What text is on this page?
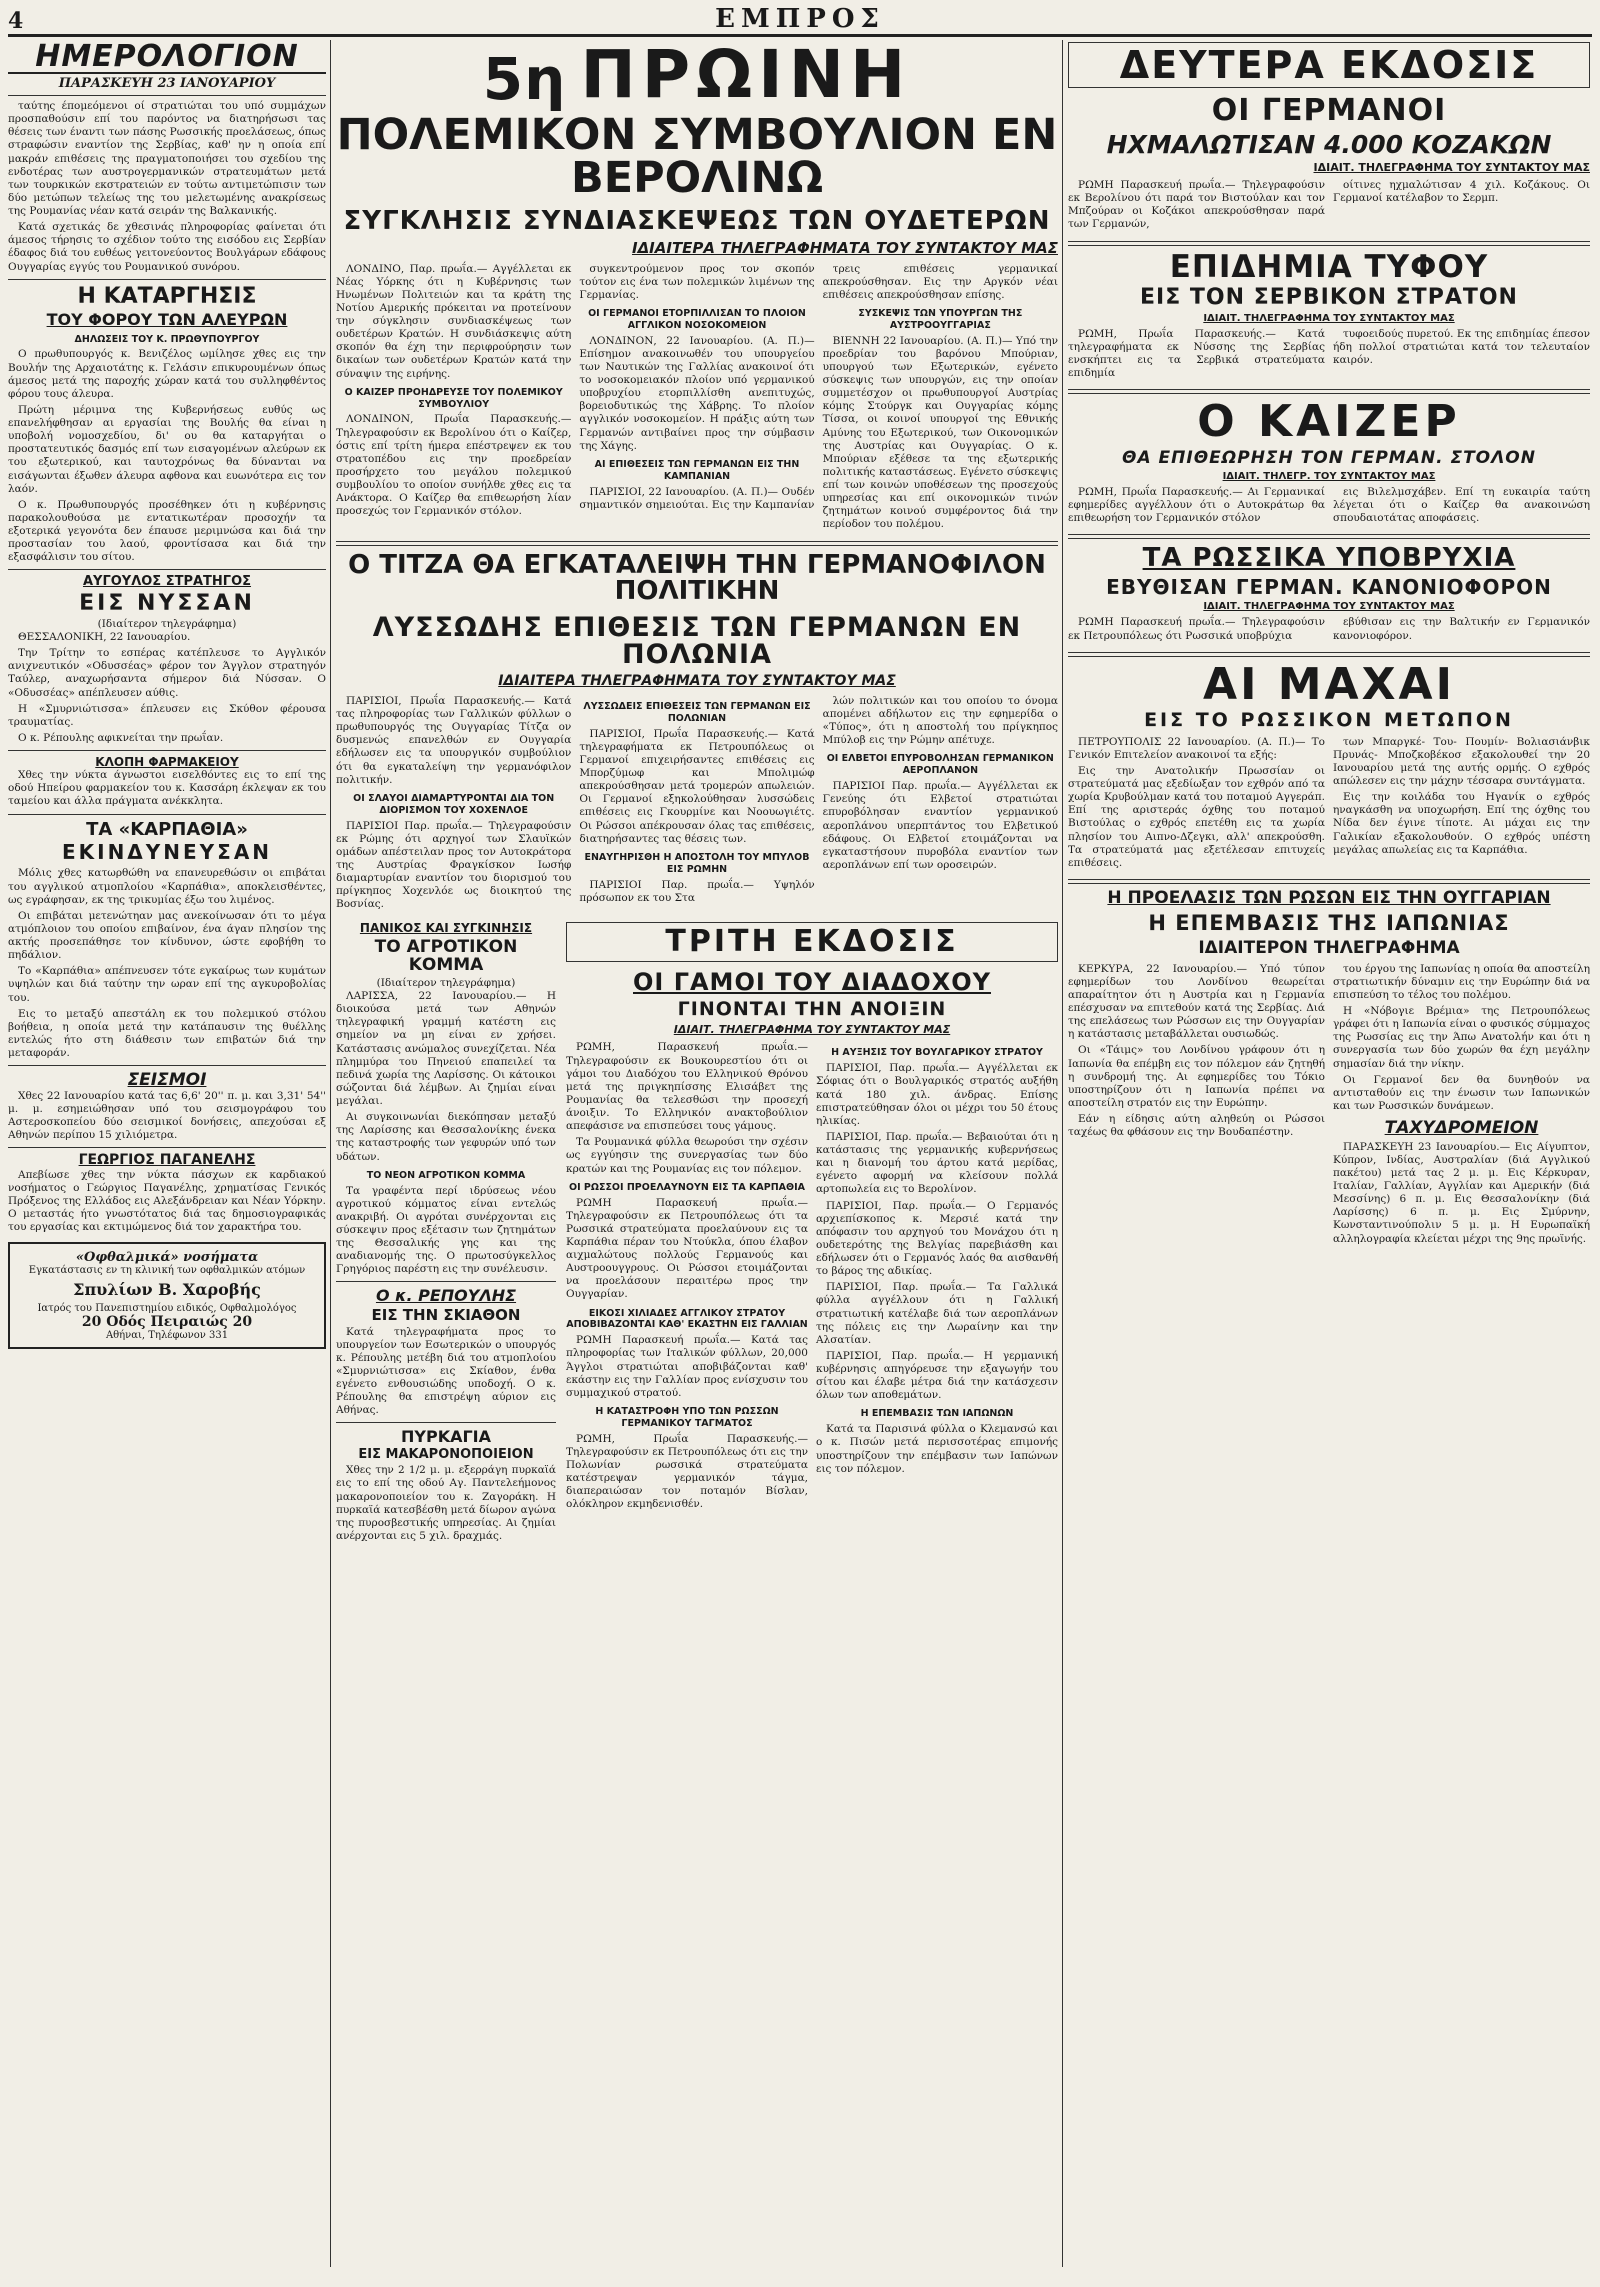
4	ΕΜΠΡΟΣ
ΗΜΕΡΟΛΟΓΙΟΝ
ΠΑΡΑΣΚΕΥΗ 23 ΙΑΝΟΥΑΡΙΟΥ

ταύτης έπομεόμενοι οί στρατιώται του υπό συμμάχων προσπαθούσιν επί του παρόντος να διατηρήσωσι τας θέσεις των έναντι των πάσης Ρωσσικής προελάσεως, όπως στραφώσιν εναντίον της Σερβίας, καθ' ην η οποία επί μακράν επιθέσεις της πραγματοποιήσει του σχεδίου της ενδοτέρας των αυστρογερμανικών στρατευμάτων μετά των τουρκικών εκστρατειών εν τούτω αντιμετώπισιν των δύο μετώπων τελείως της του μελετωμένης ανακρίσεως της Ρουμανίας νέαν κατά σειράν της Βαλκανικής.

Κατά σχετικάς δε χθεσινάς πληροφορίας φαίνεται ότι άμεσος τήρησις το σχέδιον τούτο της εισόδου εις Σερβίαν έδαφος διά του ευθέως γειτονεύοντος Βουλγάρων εδάφους Ουγγαρίας εγγύς του Ρουμανικού συνόρου.

Η ΚΑΤΑΡΓΗΣΙΣ
ΤΟΥ ΦΟΡΟΥ ΤΩΝ ΑΛΕΥΡΩΝ
ΔΗΛΩΣΕΙΣ ΤΟΥ Κ. ΠΡΩΘΥΠΟΥΡΓΟΥ

Ο πρωθυπουργός κ. Βενιζέλος ωμίλησε χθες εις την Βουλήν της Αρχαιοτάτης κ. Γελάσιν επικυρουμένων όπως άμεσος μετά της παροχής χώραν κατά του συλληφθέντος φόρου τους άλευρα.

Πρώτη μέριμνα της Κυβερνήσεως ευθύς ως επανελήφθησαν αι εργασίαι της Βουλής θα είναι η υποβολή νομοσχεδίου, δι' ου θα καταργήται ο προστατευτικός δασμός επί των εισαγομένων αλεύρων εκ του εξωτερικού, και ταυτοχρόνως θα δύνανται να εισάγωνται έξωθεν άλευρα αφθονα και ευωνότερα εις τον λαόν.

Ο κ. Πρωθυπουργός προσέθηκεν ότι η κυβέρνησις παρακολουθούσα με εντατικωτέραν προσοχήν τα εξοτερικά γεγονότα δεν έπαυσε μεριμνώσα και διά την προστασίαν του λαού, φροντίσασα και διά την εξασφάλισιν του σίτου.

ΑΥΓΟΥΛΟΣ ΣΤΡΑΤΗΓΟΣ
ΕΙΣ ΝΥΣΣΑΝ
(Ιδιαίτερον τηλεγράφημα)

ΘΕΣΣΑΛΟΝΙΚΗ, 22 Ιανουαρίου.

Την Τρίτην το εσπέρας κατέπλευσε το Αγγλικόν ανιχνευτικόν «Οδυσσέας» φέρον τον Άγγλον στρατηγόν Ταύλερ, αναχωρήσαντα σήμερον διά Νύσσαν. Ο «Οδυσσέας» απέπλευσεν αύθις.

Η «Σμυρνιώτισσα» έπλευσεν εις Σκύθον φέρουσα τραυματίας.

Ο κ. Ρέπουλης αφικνείται την πρωΐαν.

ΚΛΟΠΗ ΦΑΡΜΑΚΕΙΟΥ

Χθες την νύκτα άγνωστοι εισελθόντες εις το επί της οδού Ηπείρου φαρμακείον του κ. Κασσάρη έκλεψαν εκ του ταμείου και άλλα πράγματα ανέκκλητα.

ΤΑ «ΚΑΡΠΑΘΙΑ»
ΕΚΙΝΔΥΝΕΥΣΑΝ

Μόλις χθες κατωρθώθη να επανευρεθώσιν οι επιβάται του αγγλικού ατμοπλοίου «Καρπάθια», αποκλεισθέντες, ως εγράφησαν, εκ της τρικυμίας έξω του λιμένος.

Οι επιβάται μετενώτηαν μας ανεκοίνωσαν ότι το μέγα ατμόπλοιον του οποίου επιβαίνον, ένα άγαν πλησίον της ακτής προσεπάθησε τον κίνδυνον, ώστε εφοβήθη το πηδάλιον.

Το «Καρπάθια» απέπνευσεν τότε εγκαίρως των κυμάτων υψηλών και διά ταύτην την ωραν επί της αγκυροβολίας του.

Εις το μεταξύ απεστάλη εκ του πολεμικού στόλου βοήθεια, η οποία μετά την κατάπαυσιν της θυέλλης εντελώς ήτο στη διάθεσιν των επιβατών διά την μεταφοράν.

ΣΕΙΣΜΟΙ

Χθες 22 Ιανουαρίου κατά τας 6,6' 20'' π. μ. και 3,31' 54'' μ. μ. εσημειώθησαν υπό του σεισμογράφου του Αστεροσκοπείου δύο σεισμικοί δονήσεις, απεχούσαι εξ Αθηνών περίπου 15 χιλιόμετρα.

ΓΕΩΡΓΙΟΣ ΠΑΓΑΝΕΛΗΣ

Απεβίωσε χθες την νύκτα πάσχων εκ καρδιακού νοσήματος ο Γεώργιος Παγανέλης, χρηματίσας Γενικός Πρόξενος της Ελλάδος εις Αλεξάνδρειαν και Νέαν Υόρκην. Ο μεταστάς ήτο γνωστότατος διά τας δημοσιογραφικάς του εργασίας και εκτιμώμενος διά τον χαρακτήρα του.

«Οφθαλμικά» νοσήματα
Εγκατάστασις εν τη κλινική των οφθαλμικών ατόμων
Σπυλίων Β. Χαροβής
Ιατρός του Πανεπιστημίου ειδικός, Οφθαλμολόγος
20 Οδός Πειραιώς 20
Αθήναι, Τηλέφωνον 331
5η ΠΡΩΙΝΗ
ΠΟΛΕΜΙΚΟΝ ΣΥΜΒΟΥΛΙΟΝ ΕΝ ΒΕΡΟΛΙΝΩ
ΣΥΓΚΛΗΣΙΣ ΣΥΝΔΙΑΣΚΕΨΕΩΣ ΤΩΝ ΟΥΔΕΤΕΡΩΝ
ΙΔΙΑΙΤΕΡΑ ΤΗΛΕΓΡΑΦΗΜΑΤΑ ΤΟΥ ΣΥΝΤΑΚΤΟΥ ΜΑΣ

ΛΟΝΔΙΝΟ, Παρ. πρωΐα.— Αγγέλλεται εκ Νέας Υόρκης ότι η Κυβέρνησις των Ηνωμένων Πολιτειών και τα κράτη της Νοτίου Αμερικής πρόκειται να προτείνουν την σύγκλησιν συνδιασκέψεως των ουδετέρων Κρατών. Η συνδιάσκεψις αύτη σκοπόν θα έχη την περιφρούρησιν των δικαίων των ουδετέρων Κρατών κατά την σύναψιν της ειρήνης.

Ο ΚΑΙΖΕΡ ΠΡΟΗΔΡΕΥΣΕ ΤΟΥ ΠΟΛΕΜΙΚΟΥ ΣΥΜΒΟΥΛΙΟΥ

ΛΟΝΔΙΝΟΝ, Πρωΐα Παρασκευής.— Τηλεγραφούσιν εκ Βερολίνου ότι ο Καίζερ, όστις επί τρίτη ήμερα επέστρεψεν εκ του στρατοπέδου εις την προεδρείαν προσήρχετο του μεγάλου πολεμικού συμβουλίου το οποίον συνήλθε χθες εις τα Ανάκτορα. Ο Καίζερ θα επιθεωρήση λίαν προσεχώς τον Γερμανικόν στόλον.

συγκεντρούμενον προς τον σκοπόν τούτον εις ένα των πολεμικών λιμένων της Γερμανίας.

ΟΙ ΓΕΡΜΑΝΟΙ ΕΤΟΡΠΙΛΛΙΣΑΝ ΤΟ ΠΛΟΙΟΝ ΑΓΓΛΙΚΟΝ ΝΟΣΟΚΟΜΕΙΟΝ

ΛΟΝΔΙΝΟΝ, 22 Ιανουαρίου. (Α. Π.)— Επίσημον ανακοινωθέν του υπουργείου των Ναυτικών της Γαλλίας ανακοινοί ότι το νοσοκομειακόν πλοίον υπό γερμανικού υποβρυχίου ετορπιλλίσθη ανεπιτυχώς, βορειοδυτικώς της Χάβρης. Το πλοίον αγγλικόν νοσοκομείον. Η πράξις αύτη των Γερμανών αντιβαίνει προς την σύμβασιν της Χάγης.

ΑΙ ΕΠΙΘΕΣΕΙΣ ΤΩΝ ΓΕΡΜΑΝΩΝ ΕΙΣ ΤΗΝ ΚΑΜΠΑΝΙΑΝ

ΠΑΡΙΣΙΟΙ, 22 Ιανουαρίου. (Α. Π.)— Ουδέν σημαντικόν σημειούται. Εις την Καμπανίαν

τρεις επιθέσεις γερμανικαί απεκρούσθησαν. Εις την Αργκόν νέαι επιθέσεις απεκρούσθησαν επίσης.

ΣΥΣΚΕΨΙΣ ΤΩΝ ΥΠΟΥΡΓΩΝ ΤΗΣ ΑΥΣΤΡΟΟΥΓΓΑΡΙΑΣ

ΒΙΕΝΝΗ 22 Ιανουαρίου. (Α. Π.)— Υπό την προεδρίαν του βαρόνου Μπούριαν, υπουργού των Εξωτερικών, εγένετο σύσκεψις των υπουργών, εις την οποίαν συμμετέσχον οι πρωθυπουργοί Αυστρίας κόμης Στούργκ και Ουγγαρίας κόμης Τίσσα, οι κοινοί υπουργοί της Εθνικής Αμύνης του Εξωτερικού, των Οικονομικών της Αυστρίας και Ουγγαρίας. Ο κ. Μπούριαν εξέθεσε τα της εξωτερικής πολιτικής καταστάσεως. Εγένετο σύσκεψις επί των κοινών υποθέσεων της προσεχούς υπηρεσίας και επί οικονομικών τινών ζητημάτων κοινού συμφέροντος διά την περίοδον του πολέμου.

Ο ΤΙΤΖΑ ΘΑ ΕΓΚΑΤΑΛΕΙΨΗ ΤΗΝ ΓΕΡΜΑΝΟΦΙΛΟΝ ΠΟΛΙΤΙΚΗΝ
ΛΥΣΣΩΔΗΣ ΕΠΙΘΕΣΙΣ ΤΩΝ ΓΕΡΜΑΝΩΝ ΕΝ ΠΟΛΩΝΙΑ
ΙΔΙΑΙΤΕΡΑ ΤΗΛΕΓΡΑΦΗΜΑΤΑ ΤΟΥ ΣΥΝΤΑΚΤΟΥ ΜΑΣ

ΠΑΡΙΣΙΟΙ, Πρωΐα Παρασκευής.— Κατά τας πληροφορίας των Γαλλικών φύλλων ο πρωθυπουργός της Ουγγαρίας Τίτζα ον δυσμενώς επανελθών εν Ουγγαρία εδήλωσεν εις τα υπουργικόν συμβούλιον ότι θα εγκαταλείψη την γερμανόφιλον πολιτικήν.

ΟΙ ΣΛΑΥΟΙ ΔΙΑΜΑΡΤΥΡΟΝΤΑΙ ΔΙΑ ΤΟΝ ΔΙΟΡΙΣΜΟΝ ΤΟΥ ΧΟΧΕΝΛΟΕ

ΠΑΡΙΣΙΟΙ Παρ. πρωΐα.— Τηλεγραφούσιν εκ Ρώμης ότι αρχηγοί των Σλαυϊκών ομάδων απέστειλαν προς τον Αυτοκράτορα της Αυστρίας Φραγκίσκον Ιωσήφ διαμαρτυρίαν εναντίον του διορισμού του πρίγκηπος Χοχενλόε ως διοικητού της Βοσνίας.

ΛΥΣΣΩΔΕΙΣ ΕΠΙΘΕΣΕΙΣ ΤΩΝ ΓΕΡΜΑΝΩΝ ΕΙΣ ΠΟΛΩΝΙΑΝ

ΠΑΡΙΣΙΟΙ, Πρωΐα Παρασκευής.— Κατά τηλεγραφήματα εκ Πετρουπόλεως οι Γερμανοί επιχειρήσαντες επιθέσεις εις Μπορζύμωφ και Μπολιμώφ απεκρούσθησαν μετά τρομερών απωλειών. Οι Γερμανοί εξηκολούθησαν λυσσώδεις επιθέσεις εις Γκουρμίνε και Νοουωγιέτς. Οι Ρώσσοι απέκρουσαν όλας τας επιθέσεις, διατηρήσαντες τας θέσεις των.

ΕΝΑΥΓΗΡΙΣΘΗ Η ΑΠΟΣΤΟΛΗ ΤΟΥ ΜΠΥΛΟΒ ΕΙΣ ΡΩΜΗΝ

ΠΑΡΙΣΙΟΙ Παρ. πρωΐα.— Υψηλόν πρόσωπον εκ του Στα

λών πολιτικών και του οποίου το όνομα απομένει αδήλωτον εις την εφημερίδα ο «Τύπος», ότι η αποστολή του πρίγκηπος Μπύλοβ εις την Ρώμην απέτυχε.

ΟΙ ΕΛΒΕΤΟΙ ΕΠΥΡΟΒΟΛΗΣΑΝ ΓΕΡΜΑΝΙΚΟΝ ΑΕΡΟΠΛΑΝΟΝ

ΠΑΡΙΣΙΟΙ Παρ. πρωΐα.— Αγγέλλεται εκ Γενεύης ότι Ελβετοί στρατιώται επυροβόλησαν εναντίον γερμανικού αεροπλάνου υπερπτάντος του Ελβετικού εδάφους. Οι Ελβετοί ετοιμάζονται να εγκαταστήσουν πυροβόλα εναντίον των αεροπλάνων επί των οροσειρών.

ΠΑΝΙΚΟΣ ΚΑΙ ΣΥΓΚΙΝΗΣΙΣ
ΤΟ ΑΓΡΟΤΙΚΟΝ ΚΟΜΜΑ
(Ιδιαίτερον τηλεγράφημα)

ΛΑΡΙΣΣΑ, 22 Ιανουαρίου.— Η διοικούσα μετά των Αθηνών τηλεγραφική γραμμή κατέστη εις σημείον να μη είναι εν χρήσει. Κατάστασις ανώμαλος συνεχίζεται. Νέα πλημμύρα του Πηνειού επαπειλεί τα πεδινά χωρία της Λαρίσσης. Οι κάτοικοι σώζονται διά λέμβων. Αι ζημίαι είναι μεγάλαι.

Αι συγκοινωνίαι διεκόπησαν μεταξύ της Λαρίσσης και Θεσσαλονίκης ένεκα της καταστροφής των γεφυρών υπό των υδάτων.

ΤΟ ΝΕΟΝ ΑΓΡΟΤΙΚΟΝ ΚΟΜΜΑ

Τα γραφέντα περί ιδρύσεως νέου αγροτικού κόμματος είναι εντελώς ανακριβή. Οι αγρόται συνέρχονται εις σύσκεψιν προς εξέτασιν των ζητημάτων της Θεσσαλικής γης και της αναδιανομής της. Ο πρωτοσύγκελλος Γρηγόριος παρέστη εις την συνέλευσιν.

Ο κ. ΡΕΠΟΥΛΗΣ
ΕΙΣ ΤΗΝ ΣΚΙΑΘΟΝ

Κατά τηλεγραφήματα προς το υπουργείον των Εσωτερικών ο υπουργός κ. Ρέπουλης μετέβη διά του ατμοπλοίου «Σμυρνιώτισσα» εις Σκίαθον, ένθα εγένετο ενθουσιώδης υποδοχή. Ο κ. Ρέπουλης θα επιστρέψη αύριον εις Αθήνας.

ΠΥΡΚΑΓΙΑ
ΕΙΣ ΜΑΚΑΡΟΝΟΠΟΙΕΙΟΝ

Χθες την 2 1/2 μ. μ. εξερράγη πυρκαϊά εις το επί της οδού Αγ. Παντελεήμονος μακαρονοποιείον του κ. Ζαγοράκη. Η πυρκαϊά κατεσβέσθη μετά δίωρον αγώνα της πυροσβεστικής υπηρεσίας. Αι ζημίαι ανέρχονται εις 5 χιλ. δραχμάς.

ΤΡΙΤΗ ΕΚΔΟΣΙΣ
ΟΙ ΓΑΜΟΙ ΤΟΥ ΔΙΑΔΟΧΟΥ
ΓΙΝΟΝΤΑΙ ΤΗΝ ΑΝΟΙΞΙΝ
ΙΔΙΑΙΤ. ΤΗΛΕΓΡΑΦΗΜΑ ΤΟΥ ΣΥΝΤΑΚΤΟΥ ΜΑΣ

ΡΩΜΗ, Παρασκευή πρωΐα.— Τηλεγραφούσιν εκ Βουκουρεστίου ότι οι γάμοι του Διαδόχου του Ελληνικού Θρόνου μετά της πριγκηπίσσης Ελισάβετ της Ρουμανίας θα τελεσθώσι την προσεχή άνοιξιν. Το Ελληνικόν ανακτοβούλιον απεφάσισε να επισπεύσει τους γάμους.

Τα Ρουμανικά φύλλα θεωρούσι την σχέσιν ως εγγύησιν της συνεργασίας των δύο κρατών και της Ρουμανίας εις τον πόλεμον.

ΟΙ ΡΩΣΣΟΙ ΠΡΟΕΛΑΥΝΟΥΝ ΕΙΣ ΤΑ ΚΑΡΠΑΘΙΑ

ΡΩΜΗ Παρασκευή πρωΐα.— Τηλεγραφούσιν εκ Πετρουπόλεως ότι τα Ρωσσικά στρατεύματα προελαύνουν εις τα Καρπάθια πέραν του Ντούκλα, όπου έλαβον αιχμαλώτους πολλούς Γερμανούς και Αυστροουγγρους. Οι Ρώσσοι ετοιμάζονται να προελάσουν περαιτέρω προς την Ουγγαρίαν.

ΕΙΚΟΣΙ ΧΙΛΙΑΔΕΣ ΑΓΓΛΙΚΟΥ ΣΤΡΑΤΟΥ ΑΠΟΒΙΒΑΖΟΝΤΑΙ ΚΑΘ' ΕΚΑΣΤΗΝ ΕΙΣ ΓΑΛΛΙΑΝ

ΡΩΜΗ Παρασκευή πρωΐα.— Κατά τας πληροφορίας των Ιταλικών φύλλων, 20,000 Άγγλοι στρατιώται αποβιβάζονται καθ' εκάστην εις την Γαλλίαν προς ενίσχυσιν του συμμαχικού στρατού.

Η ΚΑΤΑΣΤΡΟΦΗ ΥΠΟ ΤΩΝ ΡΩΣΣΩΝ ΓΕΡΜΑΝΙΚΟΥ ΤΑΓΜΑΤΟΣ

ΡΩΜΗ, Πρωΐα Παρασκευής.— Τηλεγραφούσιν εκ Πετρουπόλεως ότι εις την Πολωνίαν ρωσσικά στρατεύματα κατέστρεψαν γερμανικόν τάγμα, διαπεραιώσαν τον ποταμόν Βίσλαν, ολόκληρον εκμηδενισθέν.

Η ΑΥΞΗΣΙΣ ΤΟΥ ΒΟΥΛΓΑΡΙΚΟΥ ΣΤΡΑΤΟΥ

ΠΑΡΙΣΙΟΙ, Παρ. πρωΐα.— Αγγέλλεται εκ Σόφιας ότι ο Βουλγαρικός στρατός αυξήθη κατά 180 χιλ. άνδρας. Επίσης επιστρατεύθησαν όλοι οι μέχρι του 50 έτους ηλικίας.

ΠΑΡΙΣΙΟΙ, Παρ. πρωΐα.— Βεβαιούται ότι η κατάστασις της γερμανικής κυβερνήσεως και η διανομή του άρτου κατά μερίδας, εγένετο αφορμή να κλείσουν πολλά αρτοπωλεία εις το Βερολίνον.

ΠΑΡΙΣΙΟΙ, Παρ. πρωΐα.— Ο Γερμανός αρχιεπίσκοπος κ. Μερσιέ κατά την απόφασιν του αρχηγού του Μονάχου ότι η ουδετερότης της Βελγίας παρεβιάσθη και εδήλωσεν ότι ο Γερμανός λαός θα αισθανθή το βάρος της αδικίας.

ΠΑΡΙΣΙΟΙ, Παρ. πρωΐα.— Τα Γαλλικά φύλλα αγγέλλουν ότι η Γαλλική στρατιωτική κατέλαβε διά των αεροπλάνων της πόλεις εις την Λωραίνην και την Αλσατίαν.

ΠΑΡΙΣΙΟΙ, Παρ. πρωΐα.— Η γερμανική κυβέρνησις απηγόρευσε την εξαγωγήν του σίτου και έλαβε μέτρα διά την κατάσχεσιν όλων των αποθεμάτων.

Η ΕΠΕΜΒΑΣΙΣ ΤΩΝ ΙΑΠΩΝΩΝ

Κατά τα Παρισινά φύλλα ο Κλεμανσώ και ο κ. Πισών μετά περισσοτέρας επιμονής υποστηρίζουν την επέμβασιν των Ιαπώνων εις τον πόλεμον.

ΔΕΥΤΕΡΑ ΕΚΔΟΣΙΣ
ΟΙ ΓΕΡΜΑΝΟΙ
ΗΧΜΑΛΩΤΙΣΑΝ 4.000 ΚΟΖΑΚΩΝ
ΙΔΙΑΙΤ. ΤΗΛΕΓΡΑΦΗΜΑ ΤΟΥ ΣΥΝΤΑΚΤΟΥ ΜΑΣ

ΡΩΜΗ Παρασκευή πρωΐα.— Τηλεγραφούσιν εκ Βερολίνου ότι παρά τον Βιστούλαν και τον Μπζούραν οι Κοζάκοι απεκρούσθησαν παρά των Γερμανών,

οίτινες ηχμαλώτισαν 4 χιλ. Κοζάκους. Οι Γερμανοί κατέλαβον το Σερμπ.

ΕΠΙΔΗΜΙΑ ΤΥΦΟΥ
ΕΙΣ ΤΟΝ ΣΕΡΒΙΚΟΝ ΣΤΡΑΤΟΝ
ΙΔΙΑΙΤ. ΤΗΛΕΓΡΑΦΗΜΑ ΤΟΥ ΣΥΝΤΑΚΤΟΥ ΜΑΣ

ΡΩΜΗ, Πρωΐα Παρασκευής.— Κατά τηλεγραφήματα εκ Νύσσης της Σερβίας ενσκήπτει εις τα Σερβικά στρατεύματα επιδημία

τυφοειδούς πυρετού. Εκ της επιδημίας έπεσον ήδη πολλοί στρατιώται κατά τον τελευταίον καιρόν.

Ο ΚΑΙΖΕΡ
ΘΑ ΕΠΙΘΕΩΡΗΣΗ ΤΟΝ ΓΕΡΜΑΝ. ΣΤΟΛΟΝ
ΙΔΙΑΙΤ. ΤΗΛΕΓΡ. ΤΟΥ ΣΥΝΤΑΚΤΟΥ ΜΑΣ

ΡΩΜΗ, Πρωΐα Παρασκευής.— Αι Γερμανικαί εφημερίδες αγγέλλουν ότι ο Αυτοκράτωρ θα επιθεωρήση τον Γερμανικόν στόλον

εις Βιλελμσχάβεν. Επί τη ευκαιρία ταύτη λέγεται ότι ο Καίζερ θα ανακοινώση σπουδαιοτάτας αποφάσεις.

ΤΑ ΡΩΣΣΙΚΑ ΥΠΟΒΡΥΧΙΑ
ΕΒΥΘΙΣΑΝ ΓΕΡΜΑΝ. ΚΑΝΟΝΙΟΦΟΡΟΝ
ΙΔΙΑΙΤ. ΤΗΛΕΓΡΑΦΗΜΑ ΤΟΥ ΣΥΝΤΑΚΤΟΥ ΜΑΣ

ΡΩΜΗ Παρασκευή πρωΐα.— Τηλεγραφούσιν εκ Πετρουπόλεως ότι Ρωσσικά υποβρύχια

εβύθισαν εις την Βαλτικήν εν Γερμανικόν κανονιοφόρον.

ΑΙ ΜΑΧΑΙ
ΕΙΣ ΤΟ ΡΩΣΣΙΚΟΝ ΜΕΤΩΠΟΝ

ΠΕΤΡΟΥΠΟΛΙΣ 22 Ιανουαρίου. (Α. Π.)— Το Γενικόν Επιτελείον ανακοινοί τα εξής:

Εις την Ανατολικήν Πρωσσίαν οι στρατεύματά μας εξεδίωξαν τον εχθρόν από τα χωρία Κρυβούλμαν κατά του ποταμού Αγγεράπ. Επί της αριστεράς όχθης του ποταμού Βιστούλας ο εχθρός επετέθη εις τα χωρία πλησίον του Αιπνο-Δζεγκι, αλλ' απεκρούσθη. Τα στρατεύματά μας εξετέλεσαν επιτυχείς επιθέσεις.

των Μπαργκέ- Του- Πουμίν- Βολιασιάνβικ Πρυνάς- Μποζκοβέκοσ εξακολουθεί την 20 Ιανουαρίου μετά της αυτής ορμής. Ο εχθρός απώλεσεν εις την μάχην τέσσαρα συντάγματα.

Εις την κοιλάδα του Ηγανίκ ο εχθρός ηναγκάσθη να υποχωρήση. Επί της όχθης του Νίδα δεν έγινε τίποτε. Αι μάχαι εις την Γαλικίαν εξακολουθούν. Ο εχθρός υπέστη μεγάλας απωλείας εις τα Καρπάθια.

Η ΠΡΟΕΛΑΣΙΣ ΤΩΝ ΡΩΣΩΝ ΕΙΣ ΤΗΝ ΟΥΓΓΑΡΙΑΝ
Η ΕΠΕΜΒΑΣΙΣ ΤΗΣ ΙΑΠΩΝΙΑΣ
ΙΔΙΑΙΤΕΡΟΝ ΤΗΛΕΓΡΑΦΗΜΑ

ΚΕΡΚΥΡΑ, 22 Ιανουαρίου.— Υπό τύπον εφημερίδων του Λονδίνου θεωρείται απαραίτητον ότι η Αυστρία και η Γερμανία επέσχυσαν να επιτεθούν κατά της Σερβίας. Διά της επελάσεως των Ρώσσων εις την Ουγγαρίαν η κατάστασις μεταβάλλεται ουσιωδώς.

Οι «Τάιμς» του Λονδίνου γράφουν ότι η Ιαπωνία θα επέμβη εις τον πόλεμον εάν ζητηθή η συνδρομή της. Αι εφημερίδες του Τόκιο υποστηρίζουν ότι η Ιαπωνία πρέπει να αποστείλη στρατόν εις την Ευρώπην.

Εάν η είδησις αύτη αληθεύη οι Ρώσσοι ταχέως θα φθάσουν εις την Βουδαπέστην.

του έργου της Ιαπωνίας η οποία θα αποστείλη στρατιωτικήν δύναμιν εις την Ευρώπην διά να επισπεύση το τέλος του πολέμου.

Η «Νόβογιε Βρέμια» της Πετρουπόλεως γράφει ότι η Ιαπωνία είναι ο φυσικός σύμμαχος της Ρωσσίας εις την Άπω Ανατολήν και ότι η συνεργασία των δύο χωρών θα έχη μεγάλην σημασίαν διά την νίκην.

Οι Γερμανοί δεν θα δυνηθούν να αντισταθούν εις την ένωσιν των Ιαπωνικών και των Ρωσσικών δυνάμεων.

ΤΑΧΥΔΡΟΜΕΙΟΝ

ΠΑΡΑΣΚΕΥΗ 23 Ιανουαρίου.— Εις Αίγυπτον, Κύπρον, Ινδίας, Αυστραλίαν (διά Αγγλικού πακέτου) μετά τας 2 μ. μ. Εις Κέρκυραν, Ιταλίαν, Γαλλίαν, Αγγλίαν και Αμερικήν (διά Μεσσίνης) 6 π. μ. Εις Θεσσαλονίκην (διά Λαρίσσης) 6 π. μ. Εις Σμύρνην, Κωνσταντινούπολιν 5 μ. μ. Η Ευρωπαϊκή αλληλογραφία κλείεται μέχρι της 9ης πρωϊνής.
